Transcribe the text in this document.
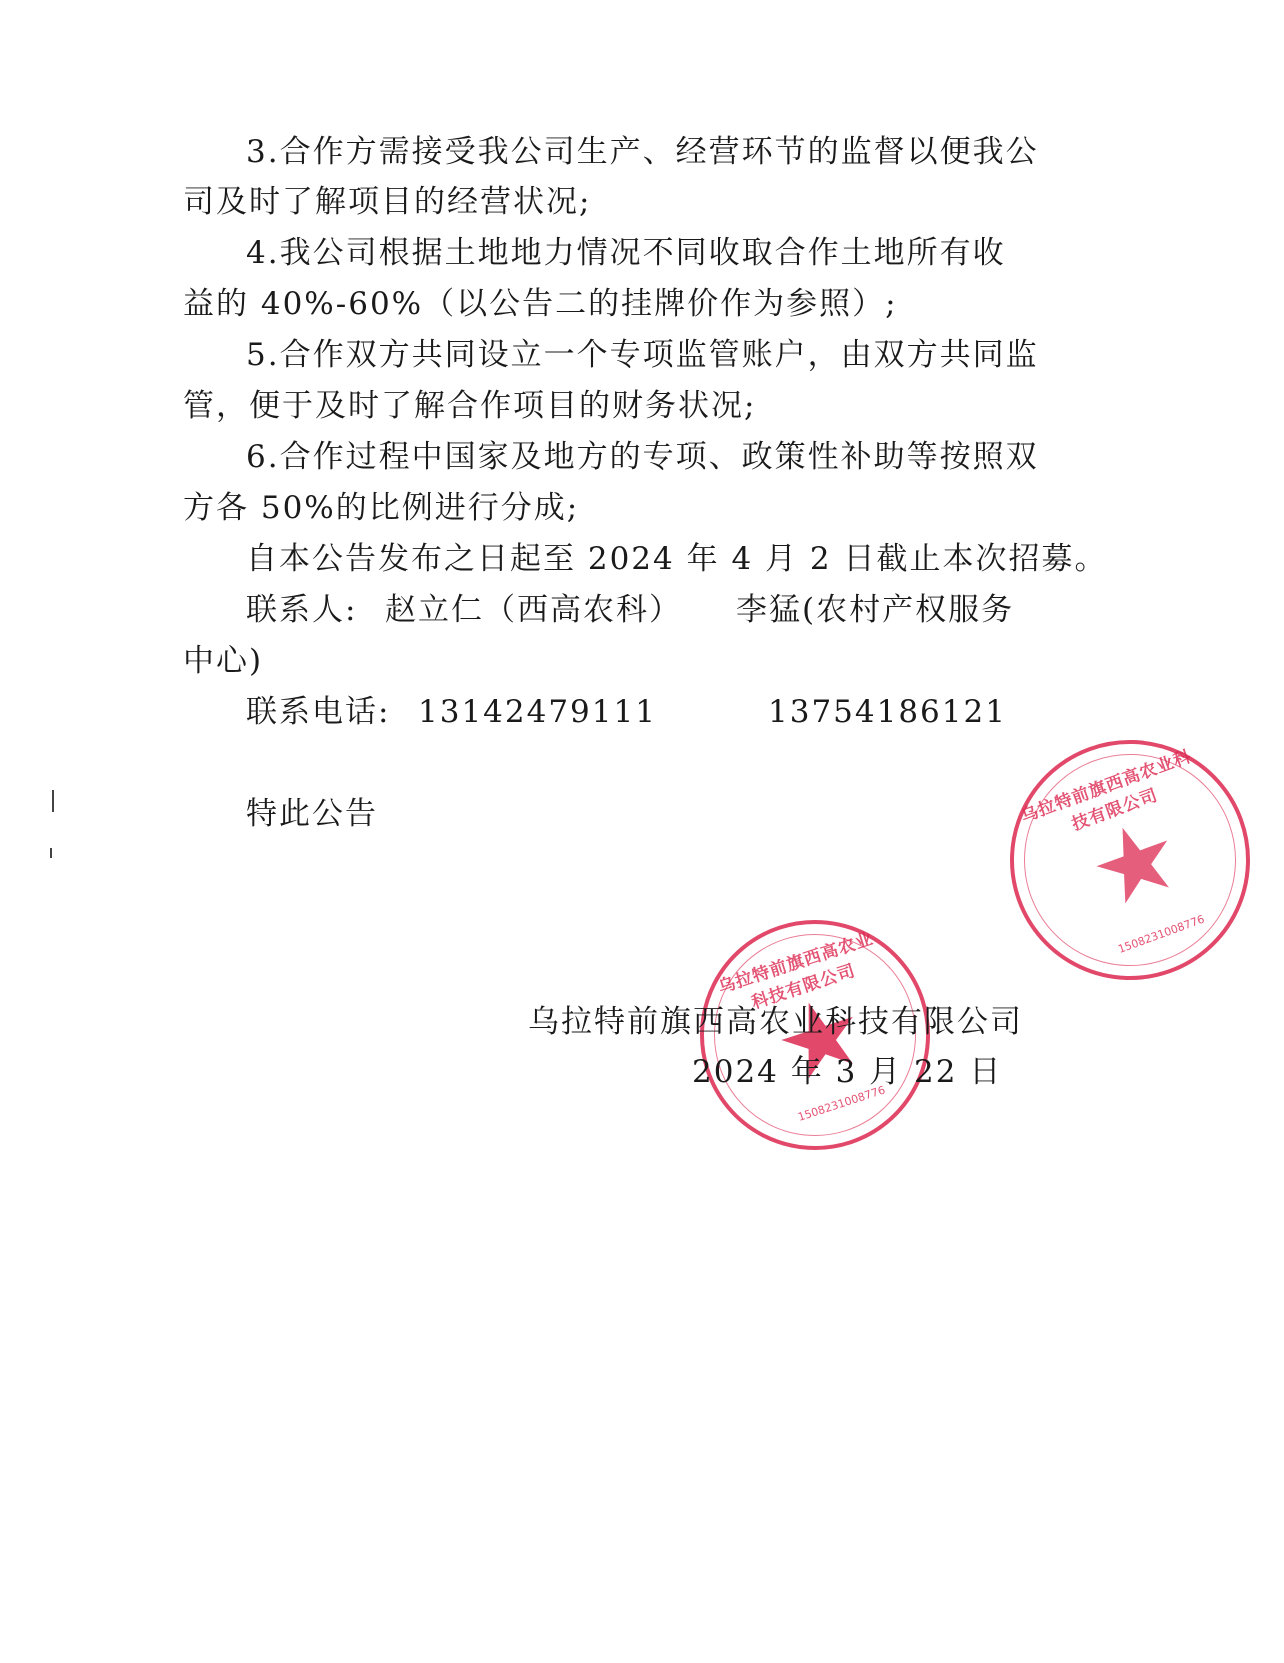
3.合作方需接受我公司生产、经营环节的监督以便我公
司及时了解项目的经营状况;
4.我公司根据土地地力情况不同收取合作土地所有收
益的 40%-60%（以公告二的挂牌价作为参照）;
5.合作双方共同设立一个专项监管账户，由双方共同监
管，便于及时了解合作项目的财务状况;
6.合作过程中国家及地方的专项、政策性补助等按照双
方各 50%的比例进行分成;
自本公告发布之日起至 2024 年 4 月 2 日截止本次招募。
联系人: 赵立仁（西高农科） 李猛(农村产权服务
中心)
联系电话: 13142479111	13754186121
特此公告
乌拉特前旗西高农业科技有限公司
1508231008776
乌拉特前旗西高农业科技有限公司
1508231008776
乌拉特前旗西高农业科技有限公司
2024 年 3 月 22 日
